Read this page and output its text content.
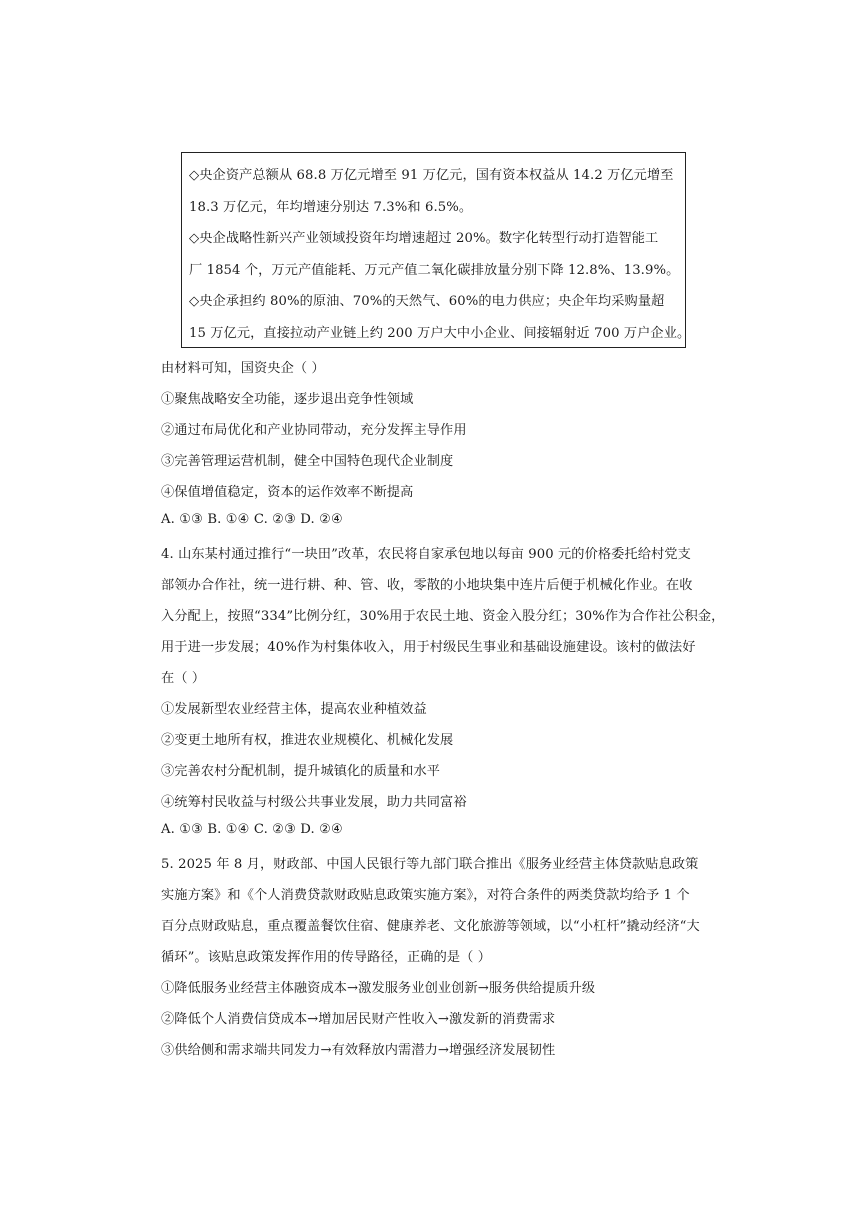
◇央企资产总额从 68.8 万亿元增至 91 万亿元，国有资本权益从 14.2 万亿元增至
18.3 万亿元，年均增速分别达 7.3%和 6.5%。
◇央企战略性新兴产业领域投资年均增速超过 20%。数字化转型行动打造智能工
厂 1854 个，万元产值能耗、万元产值二氧化碳排放量分别下降 12.8%、13.9%。
◇央企承担约 80%的原油、70%的天然气、60%的电力供应；央企年均采购量超
15 万亿元，直接拉动产业链上约 200 万户大中小企业、间接辐射近 700 万户企业。
由材料可知，国资央企（ ）
①聚焦战略安全功能，逐步退出竞争性领域
②通过布局优化和产业协同带动，充分发挥主导作用
③完善管理运营机制，健全中国特色现代企业制度
④保值增值稳定，资本的运作效率不断提高
A. ①③ B. ①④ C. ②③ D. ②④
4. 山东某村通过推行“一块田”改革，农民将自家承包地以每亩 900 元的价格委托给村党支
部领办合作社，统一进行耕、种、管、收，零散的小地块集中连片后便于机械化作业。在收
入分配上，按照“334”比例分红，30%用于农民土地、资金入股分红；30%作为合作社公积金，
用于进一步发展；40%作为村集体收入，用于村级民生事业和基础设施建设。该村的做法好
在（ ）
①发展新型农业经营主体，提高农业种植效益
②变更土地所有权，推进农业规模化、机械化发展
③完善农村分配机制，提升城镇化的质量和水平
④统筹村民收益与村级公共事业发展，助力共同富裕
A. ①③ B. ①④ C. ②③ D. ②④
5. 2025 年 8 月，财政部、中国人民银行等九部门联合推出《服务业经营主体贷款贴息政策
实施方案》和《个人消费贷款财政贴息政策实施方案》，对符合条件的两类贷款均给予 1 个
百分点财政贴息，重点覆盖餐饮住宿、健康养老、文化旅游等领域，以“小杠杆”撬动经济“大
循环”。该贴息政策发挥作用的传导路径，正确的是（ ）
①降低服务业经营主体融资成本→激发服务业创业创新→服务供给提质升级
②降低个人消费信贷成本→增加居民财产性收入→激发新的消费需求
③供给侧和需求端共同发力→有效释放内需潜力→增强经济发展韧性
